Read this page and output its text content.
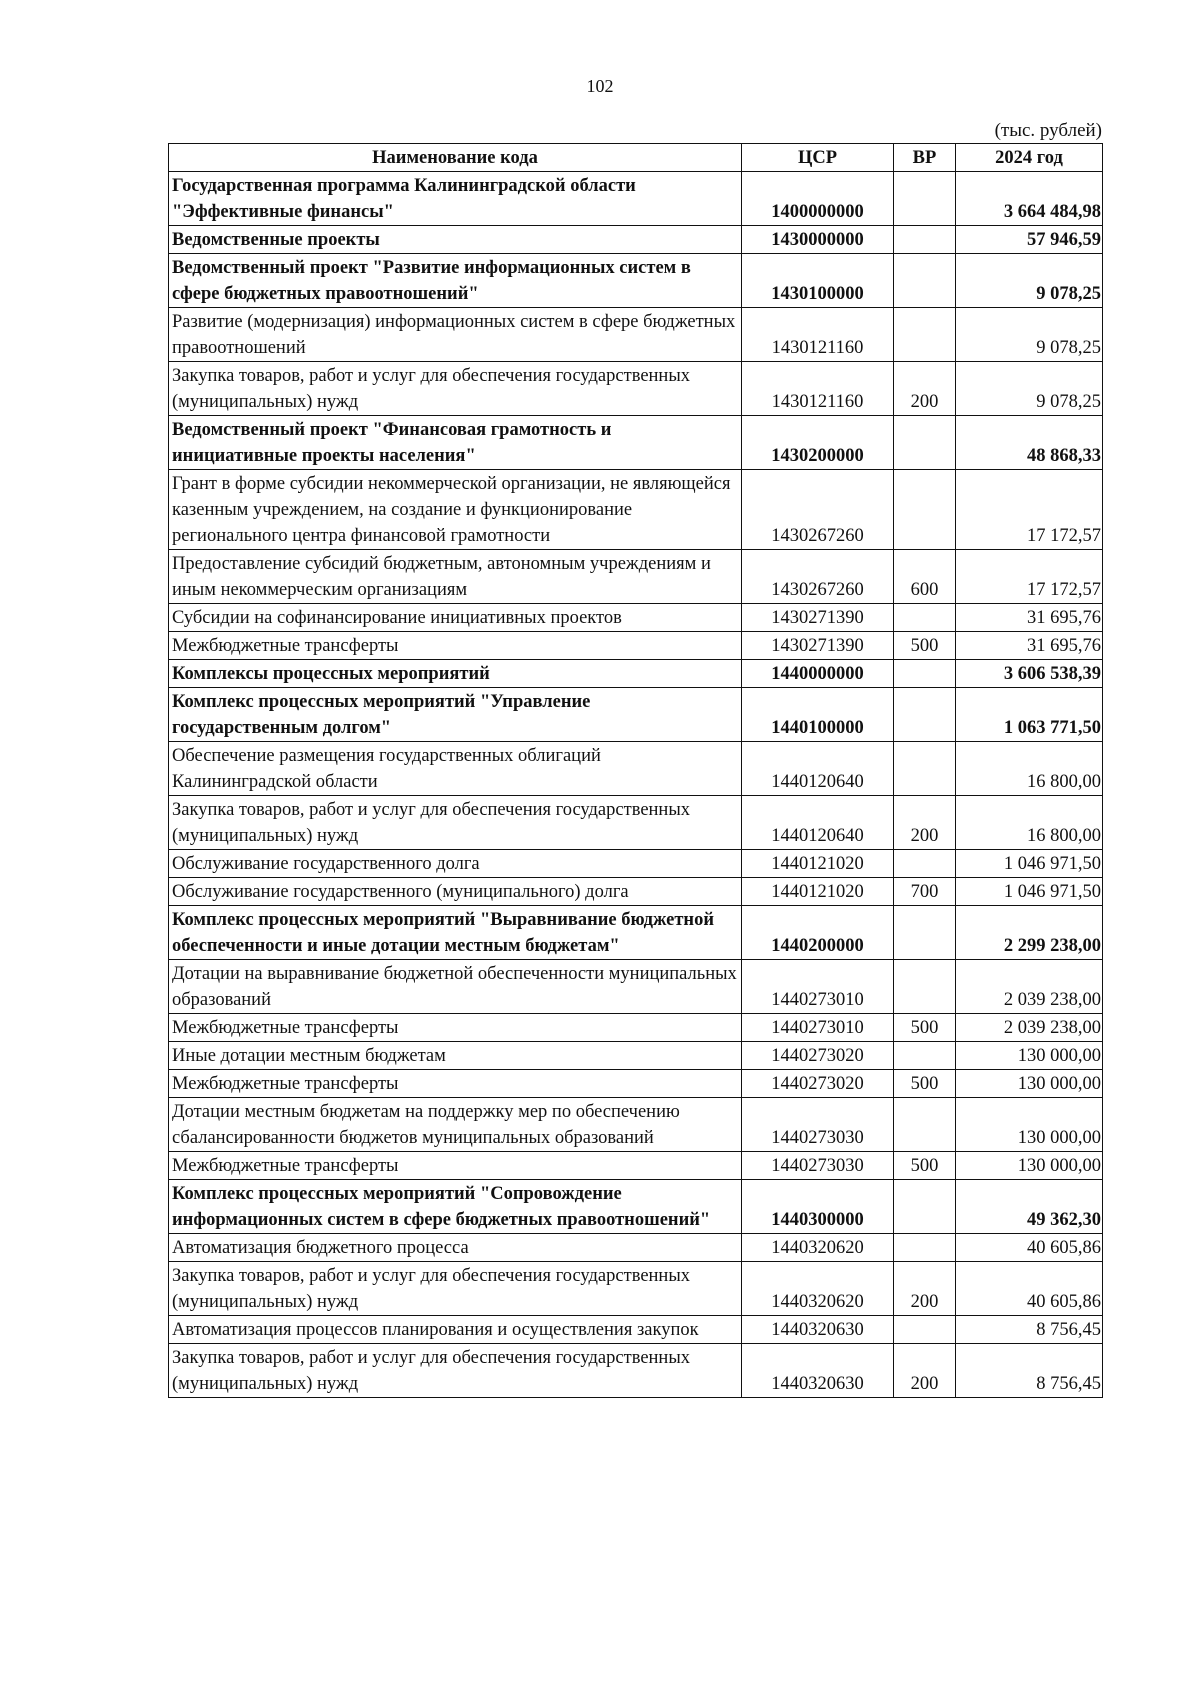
102
(тыс. рублей)
Наименование кода	ЦСР	ВР	2024 год
Государственная программа Калининградской области "Эффективные финансы"	1400000000		3 664 484,98
Ведомственные проекты	1430000000		57 946,59
Ведомственный проект "Развитие информационных систем в сфере бюджетных правоотношений"	1430100000		9 078,25
Развитие (модернизация) информационных систем в сфере бюджетных правоотношений	1430121160		9 078,25
Закупка товаров, работ и услуг для обеспечения государственных (муниципальных) нужд	1430121160	200	9 078,25
Ведомственный проект "Финансовая грамотность и инициативные проекты населения"	1430200000		48 868,33
Грант в форме субсидии некоммерческой организации, не являющейся казенным учреждением, на создание и функционирование регионального центра финансовой грамотности	1430267260		17 172,57
Предоставление субсидий бюджетным, автономным учреждениям и иным некоммерческим организациям	1430267260	600	17 172,57
Субсидии на софинансирование инициативных проектов	1430271390		31 695,76
Межбюджетные трансферты	1430271390	500	31 695,76
Комплексы процессных мероприятий	1440000000		3 606 538,39
Комплекс процессных мероприятий "Управление государственным долгом"	1440100000		1 063 771,50
Обеспечение размещения государственных облигаций Калининградской области	1440120640		16 800,00
Закупка товаров, работ и услуг для обеспечения государственных (муниципальных) нужд	1440120640	200	16 800,00
Обслуживание государственного долга	1440121020		1 046 971,50
Обслуживание государственного (муниципального) долга	1440121020	700	1 046 971,50
Комплекс процессных мероприятий "Выравнивание бюджетной обеспеченности и иные дотации местным бюджетам"	1440200000		2 299 238,00
Дотации на выравнивание бюджетной обеспеченности муниципальных образований	1440273010		2 039 238,00
Межбюджетные трансферты	1440273010	500	2 039 238,00
Иные дотации местным бюджетам	1440273020		130 000,00
Межбюджетные трансферты	1440273020	500	130 000,00
Дотации местным бюджетам на поддержку мер по обеспечению сбалансированности бюджетов муниципальных образований	1440273030		130 000,00
Межбюджетные трансферты	1440273030	500	130 000,00
Комплекс процессных мероприятий "Сопровождение информационных систем в сфере бюджетных правоотношений"	1440300000		49 362,30
Автоматизация бюджетного процесса	1440320620		40 605,86
Закупка товаров, работ и услуг для обеспечения государственных (муниципальных) нужд	1440320620	200	40 605,86
Автоматизация процессов планирования и осуществления закупок	1440320630		8 756,45
Закупка товаров, работ и услуг для обеспечения государственных (муниципальных) нужд	1440320630	200	8 756,45
